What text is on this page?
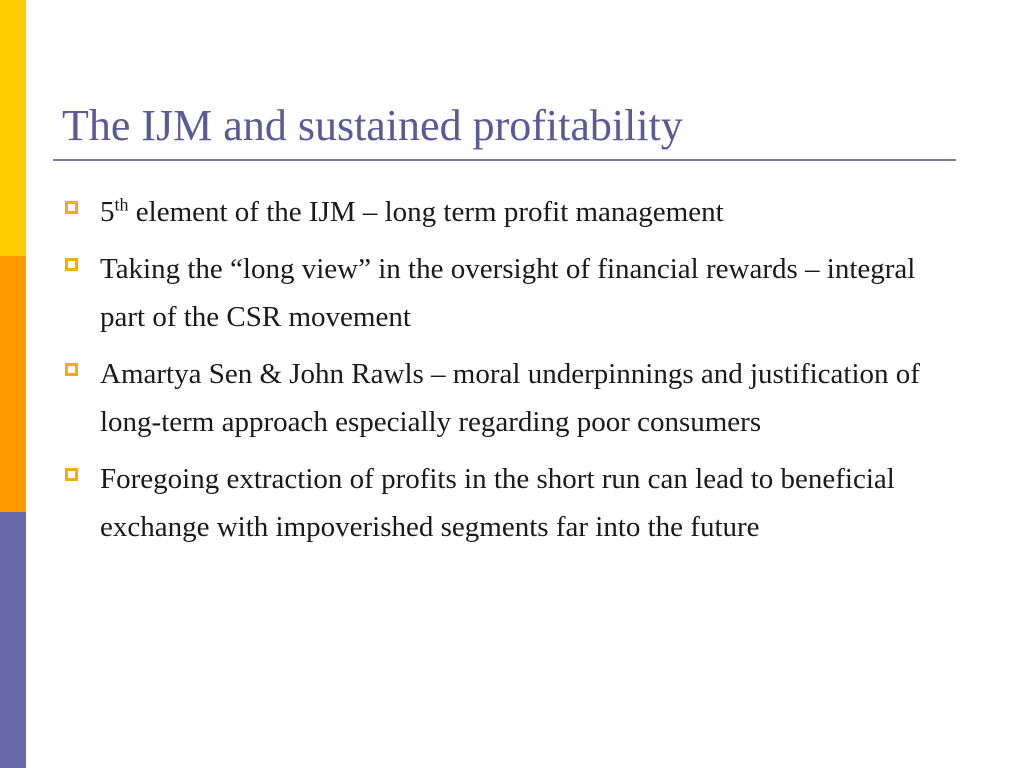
The IJM and sustained profitability
5th element of the IJM – long term profit management
Taking the “long view” in the oversight of financial rewards – integral part of the CSR movement
Amartya Sen & John Rawls – moral underpinnings and justification of long-term approach especially regarding poor consumers
Foregoing extraction of profits in the short run can lead to beneficial exchange with impoverished segments far into the future
